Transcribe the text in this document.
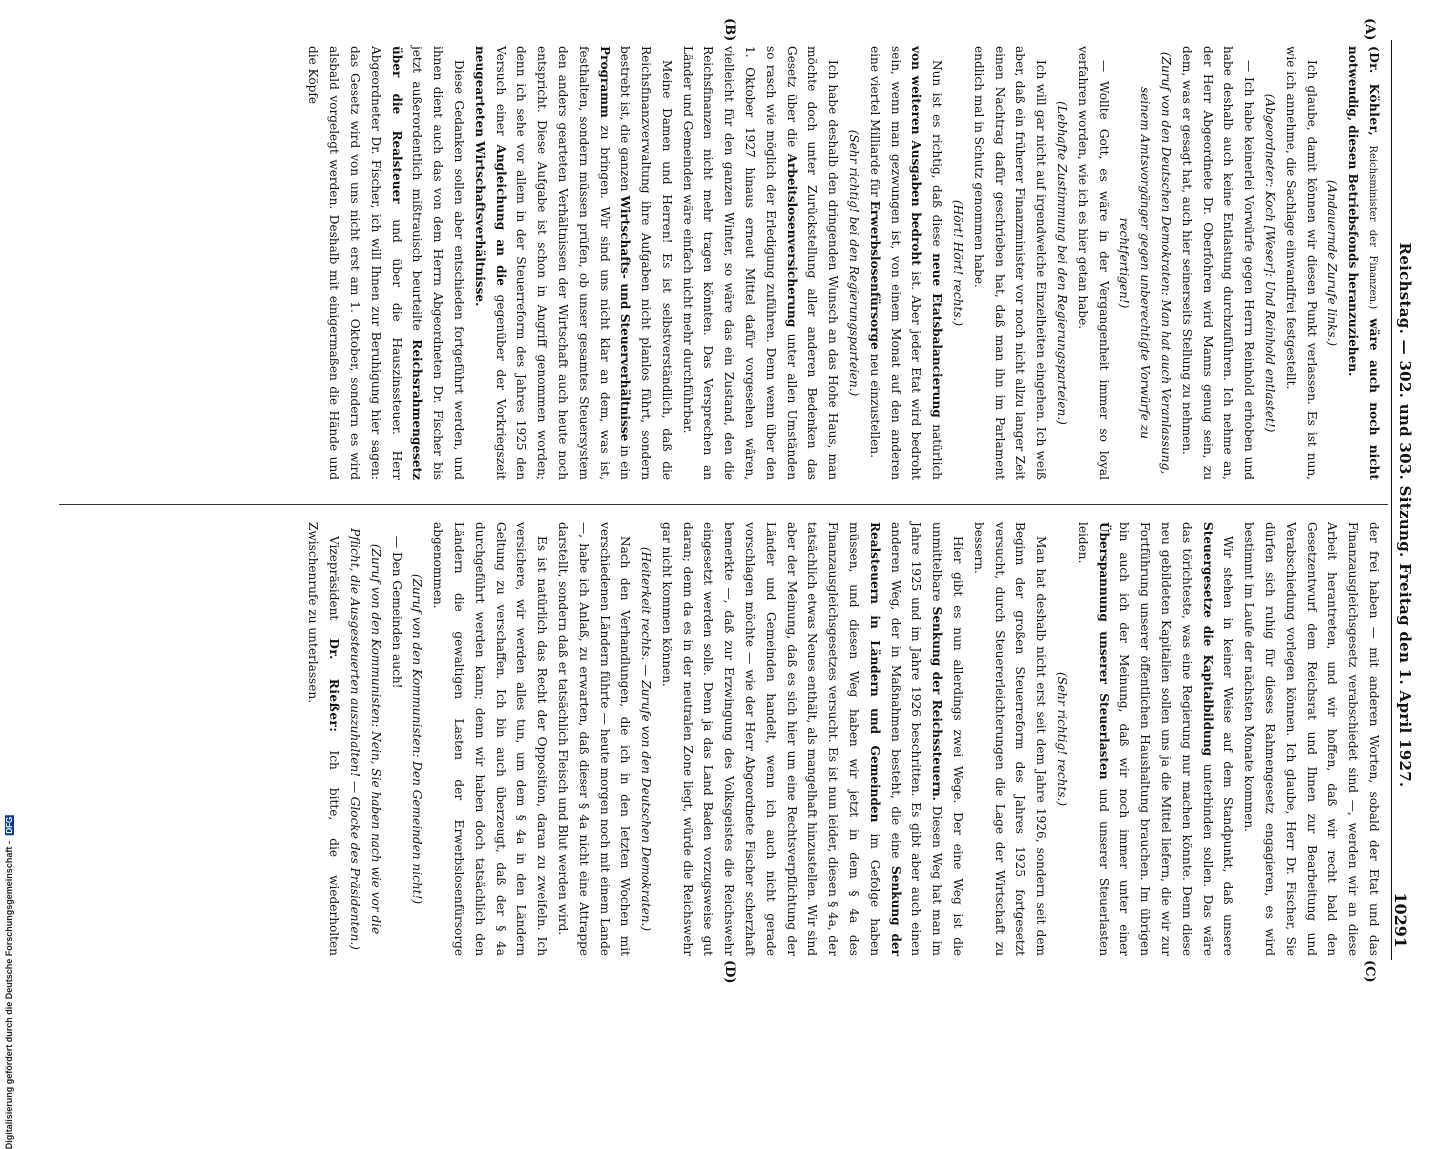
Digitalisierung gefördert durch die Deutsche Forschungsgemeinschaft - DFG
Reichstag. — 302. und 303. Sitzung. Freitag den 1. April 1927.
10291
(A)
(B)
(C)
(D)

(Dr. Köhler, Reichsminister der Finanzen.) wäre auch noch nicht notwendig, diesen Betriebsfonds heranzuziehen.

(Andauernde Zurufe links.)

Ich glaube, damit können wir diesen Punkt verlassen. Es ist nun, wie ich annehme, die Sachlage einwandfrei festgestellt.

(Abgeordneter: Koch [Weser]: Und Reinhold entlastet!)

— Ich habe keinerlei Vorwürfe gegen Herrn Reinhold erhoben und habe deshalb auch keine Entlastung durchzuführen. Ich nehme an, der Herr Abgeordnete Dr. Oberfohren wird Manns genug sein, zu dem, was er gesagt hat, auch hier seinerseits Stellung zu nehmen.

(Zuruf von den Deutschen Demokraten: Man hat auch Veranlassung, seinem Amtsvorgänger gegen unberechtigte Vorwürfe zu rechtfertigen!)

— Wollte Gott, es wäre in der Vergangenheit immer so loyal verfahren worden, wie ich es hier getan habe.

(Lebhafte Zustimmung bei den Regierungsparteien.)

Ich will gar nicht auf irgendwelche Einzelheiten eingehen. Ich weiß aber, daß ein früherer Finanzminister vor noch nicht allzu langer Zeit einen Nachtrag dafür geschrieben hat, daß man ihn im Parlament endlich mal in Schutz genommen habe.

(Hört! Hört! rechts.)

Nun ist es richtig, daß diese neue Etatsbalancierung natürlich von weiteren Ausgaben bedroht ist. Aber jeder Etat wird bedroht sein, wenn man gezwungen ist, von einem Monat auf den anderen eine viertel Milliarde für Erwerbslosenfürsorge neu einzustellen.

(Sehr richtig! bei den Regierungsparteien.)

Ich habe deshalb den dringenden Wunsch an das Hohe Haus, man möchte doch unter Zurückstellung aller anderen Bedenken das Gesetz über die Arbeitslosenversicherung unter allen Umständen so rasch wie möglich der Erledigung zuführen. Denn wenn über den 1. Oktober 1927 hinaus erneut Mittel dafür vorgesehen wären, vielleicht für den ganzen Winter, so wäre das ein Zustand, den die Reichsfinanzen nicht mehr tragen könnten. Das Versprechen an Länder und Gemeinden wäre einfach nicht mehr durchführbar.

Meine Damen und Herren! Es ist selbstverständlich, daß die Reichsfinanzverwaltung ihre Aufgaben nicht planlos führt, sondern bestrebt ist, die ganzen Wirtschafts- und Steuerverhältnisse in ein Programm zu bringen. Wir sind uns nicht klar an dem, was ist, festhalten, sondern müssen prüfen, ob unser gesamtes Steuersystem den anders gearteten Verhältnissen der Wirtschaft auch heute noch entspricht. Diese Aufgabe ist schon in Angriff genommen worden; denn ich sehe vor allem in der Steuerreform des Jahres 1925 den Versuch einer Angleichung an die gegenüber der Vorkriegszeit neugearteten Wirtschaftsverhältnisse.

Diese Gedanken sollen aber entschieden fortgeführt werden, und ihnen dient auch das von dem Herrn Abgeordneten Dr. Fischer bis jetzt außerordentlich mißtrauisch beurteilte Reichsrahmengesetz über die Realsteuer und über die Hauszinssteuer. Herr Abgeordneter Dr. Fischer, ich will Ihnen zur Beruhigung hier sagen: das Gesetz wird von uns nicht erst am 1. Oktober, sondern es wird alsbald vorgelegt werden. Deshalb mit einigermaßen die Hände und die Köpfe

der frei haben — mit anderen Worten, sobald der Etat und das Finanzausgleichsgesetz verabschiedet sind —, werden wir an diese Arbeit herantreten, und wir hoffen, daß wir recht bald den Gesetzentwurf dem Reichsrat und Ihnen zur Bearbeitung und Verabschiedung vorlegen können. Ich glaube, Herr Dr. Fischer, Sie dürfen sich ruhig für dieses Rahmengesetz engagieren, es wird bestimmt im Laufe der nächsten Monate kommen.

Wir stehen in keiner Weise auf dem Standpunkt, daß unsere Steuergesetze die Kapitalbildung unterbinden sollen. Das wäre das törichteste, was eine Regierung nur machen könnte. Denn diese neu gebildeten Kapitalien sollen uns ja die Mittel liefern, die wir zur Fortführung unserer öffentlichen Haushaltung brauchen. Im übrigen bin auch ich der Meinung, daß wir noch immer unter einer Überspannung unserer Steuerlasten und unserer Steuerlasten leiden.

(Sehr richtig! rechts.)

Man hat deshalb nicht erst seit dem Jahre 1926, sondern seit dem Beginn der großen Steuerreform des Jahres 1925 fortgesetzt versucht, durch Steuererleichterungen die Lage der Wirtschaft zu bessern.

Hier gibt es nun allerdings zwei Wege. Der eine Weg ist die unmittelbare Senkung der Reichssteuern. Diesen Weg hat man im Jahre 1925 und im Jahre 1926 beschritten. Es gibt aber auch einen anderen Weg, der in Maßnahmen besteht, die eine Senkung der Realsteuern in Ländern und Gemeinden im Gefolge haben müssen, und diesen Weg haben wir jetzt in dem § 4a des Finanzausgleichsgesetzes versucht. Es ist nun leider, diesen § 4a, der tatsächlich etwas Neues enthält, als mangelhaft hinzustellen. Wir sind aber der Meinung, daß es sich hier um eine Rechtsverpflichtung der Länder und Gemeinden handelt, wenn ich auch nicht gerade vorschlagen möchte — wie der Herr Abgeordnete Fischer scherzhaft bemerkte —, daß zur Erzwingung des Volksgeistes die Reichswehr eingesetzt werden solle. Denn ja das Land Baden vorzugsweise gut daran; denn da es in der neutralen Zone liegt, würde die Reichswehr gar nicht kommen können.

(Heiterkeit rechts. — Zurufe von den Deutschen Demokraten.)

Nach den Verhandlungen, die ich in den letzten Wochen mit verschiedenen Ländern führte — heute morgen noch mit einem Lande —, habe ich Anlaß, zu erwarten, daß dieser § 4a nicht eine Attrappe darstellt, sondern daß er tatsächlich Fleisch und Blut werden wird.

Es ist natürlich das Recht der Opposition, daran zu zweifeln. Ich versichere, wir werden alles tun, um dem § 4a in den Ländern Geltung zu verschaffen. Ich bin auch überzeugt, daß der § 4a durchgeführt werden kann; denn wir haben doch tatsächlich den Ländern die gewaltigen Lasten der Erwerbslosenfürsorge abgenommen.

(Zuruf von den Kommunisten: Den Gemeinden nicht!)

— Den Gemeinden auch!

(Zuruf von den Kommunisten: Nein, Sie haben nach wie vor die Pflicht, die Ausgesteuerten auszuhalten! — Glocke des Präsidenten.)

Vizepräsident Dr. Rießer: Ich bitte, die wiederholten Zwischenrufe zu unterlassen.
